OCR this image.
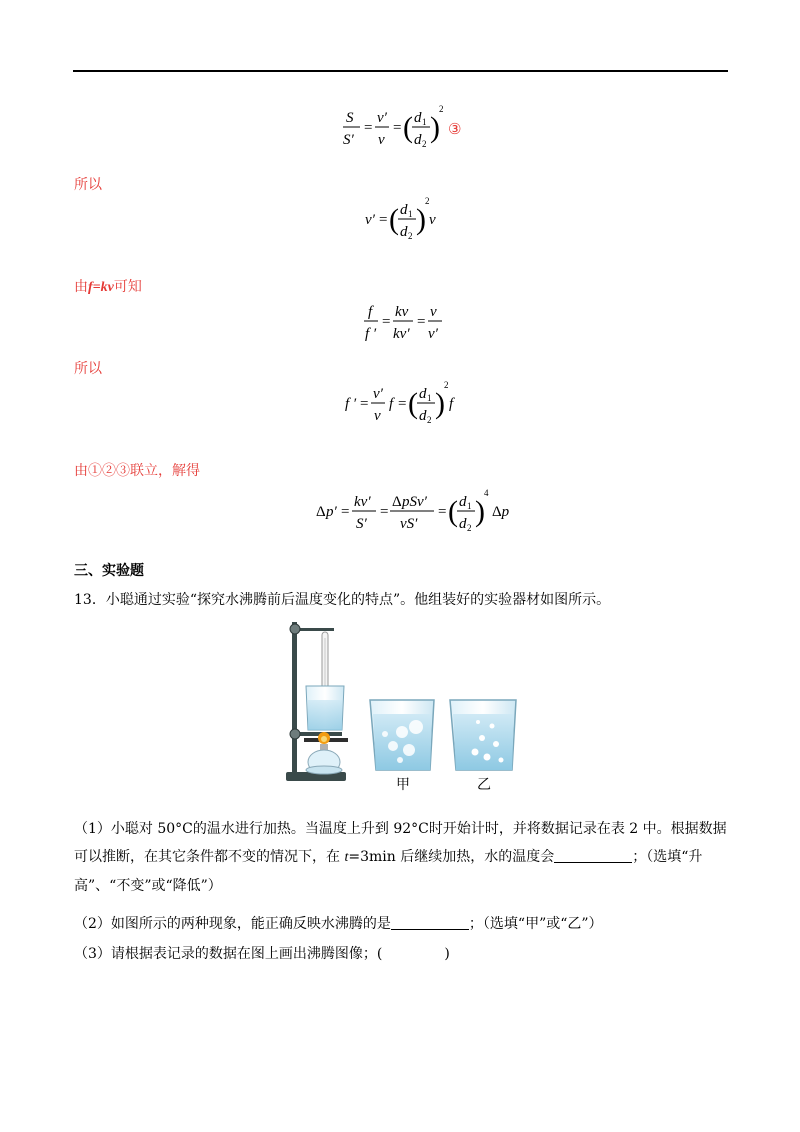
S
S′
=
v′
v
= ( d 1
d 2 )
2
③
所以
v′ = ( d 1
d 2 )
2
v
由f=kv可知
f
f ′
=
kv
kv′
=
v
v′
所以
f ′ =
v′
v
f = ( d 1
d 2 )
2
f
由①②③联立，解得
Δ p′ =
kv′
S′
=
Δ pSv′
vS′
= ( d 1
d 2 )
4
Δp
三、实验题
13．小聪通过实验“探究水沸腾前后温度变化的特点”。他组装好的实验器材如图所示。
甲	乙
（1）小聪对 50°C的温水进行加热。当温度上升到 92°C时开始计时，并将数据记录在表 2 中。根据数据可以推断，在其它条件都不变的情况下，在 t=3min 后继续加热，水的温度会	；（选填“升高”、“不变”或“降低”）
（2）如图所示的两种现象，能正确反映水沸腾的是	；（选填“甲”或“乙”）
（3）请根据表记录的数据在图上画出沸腾图像；(	)
